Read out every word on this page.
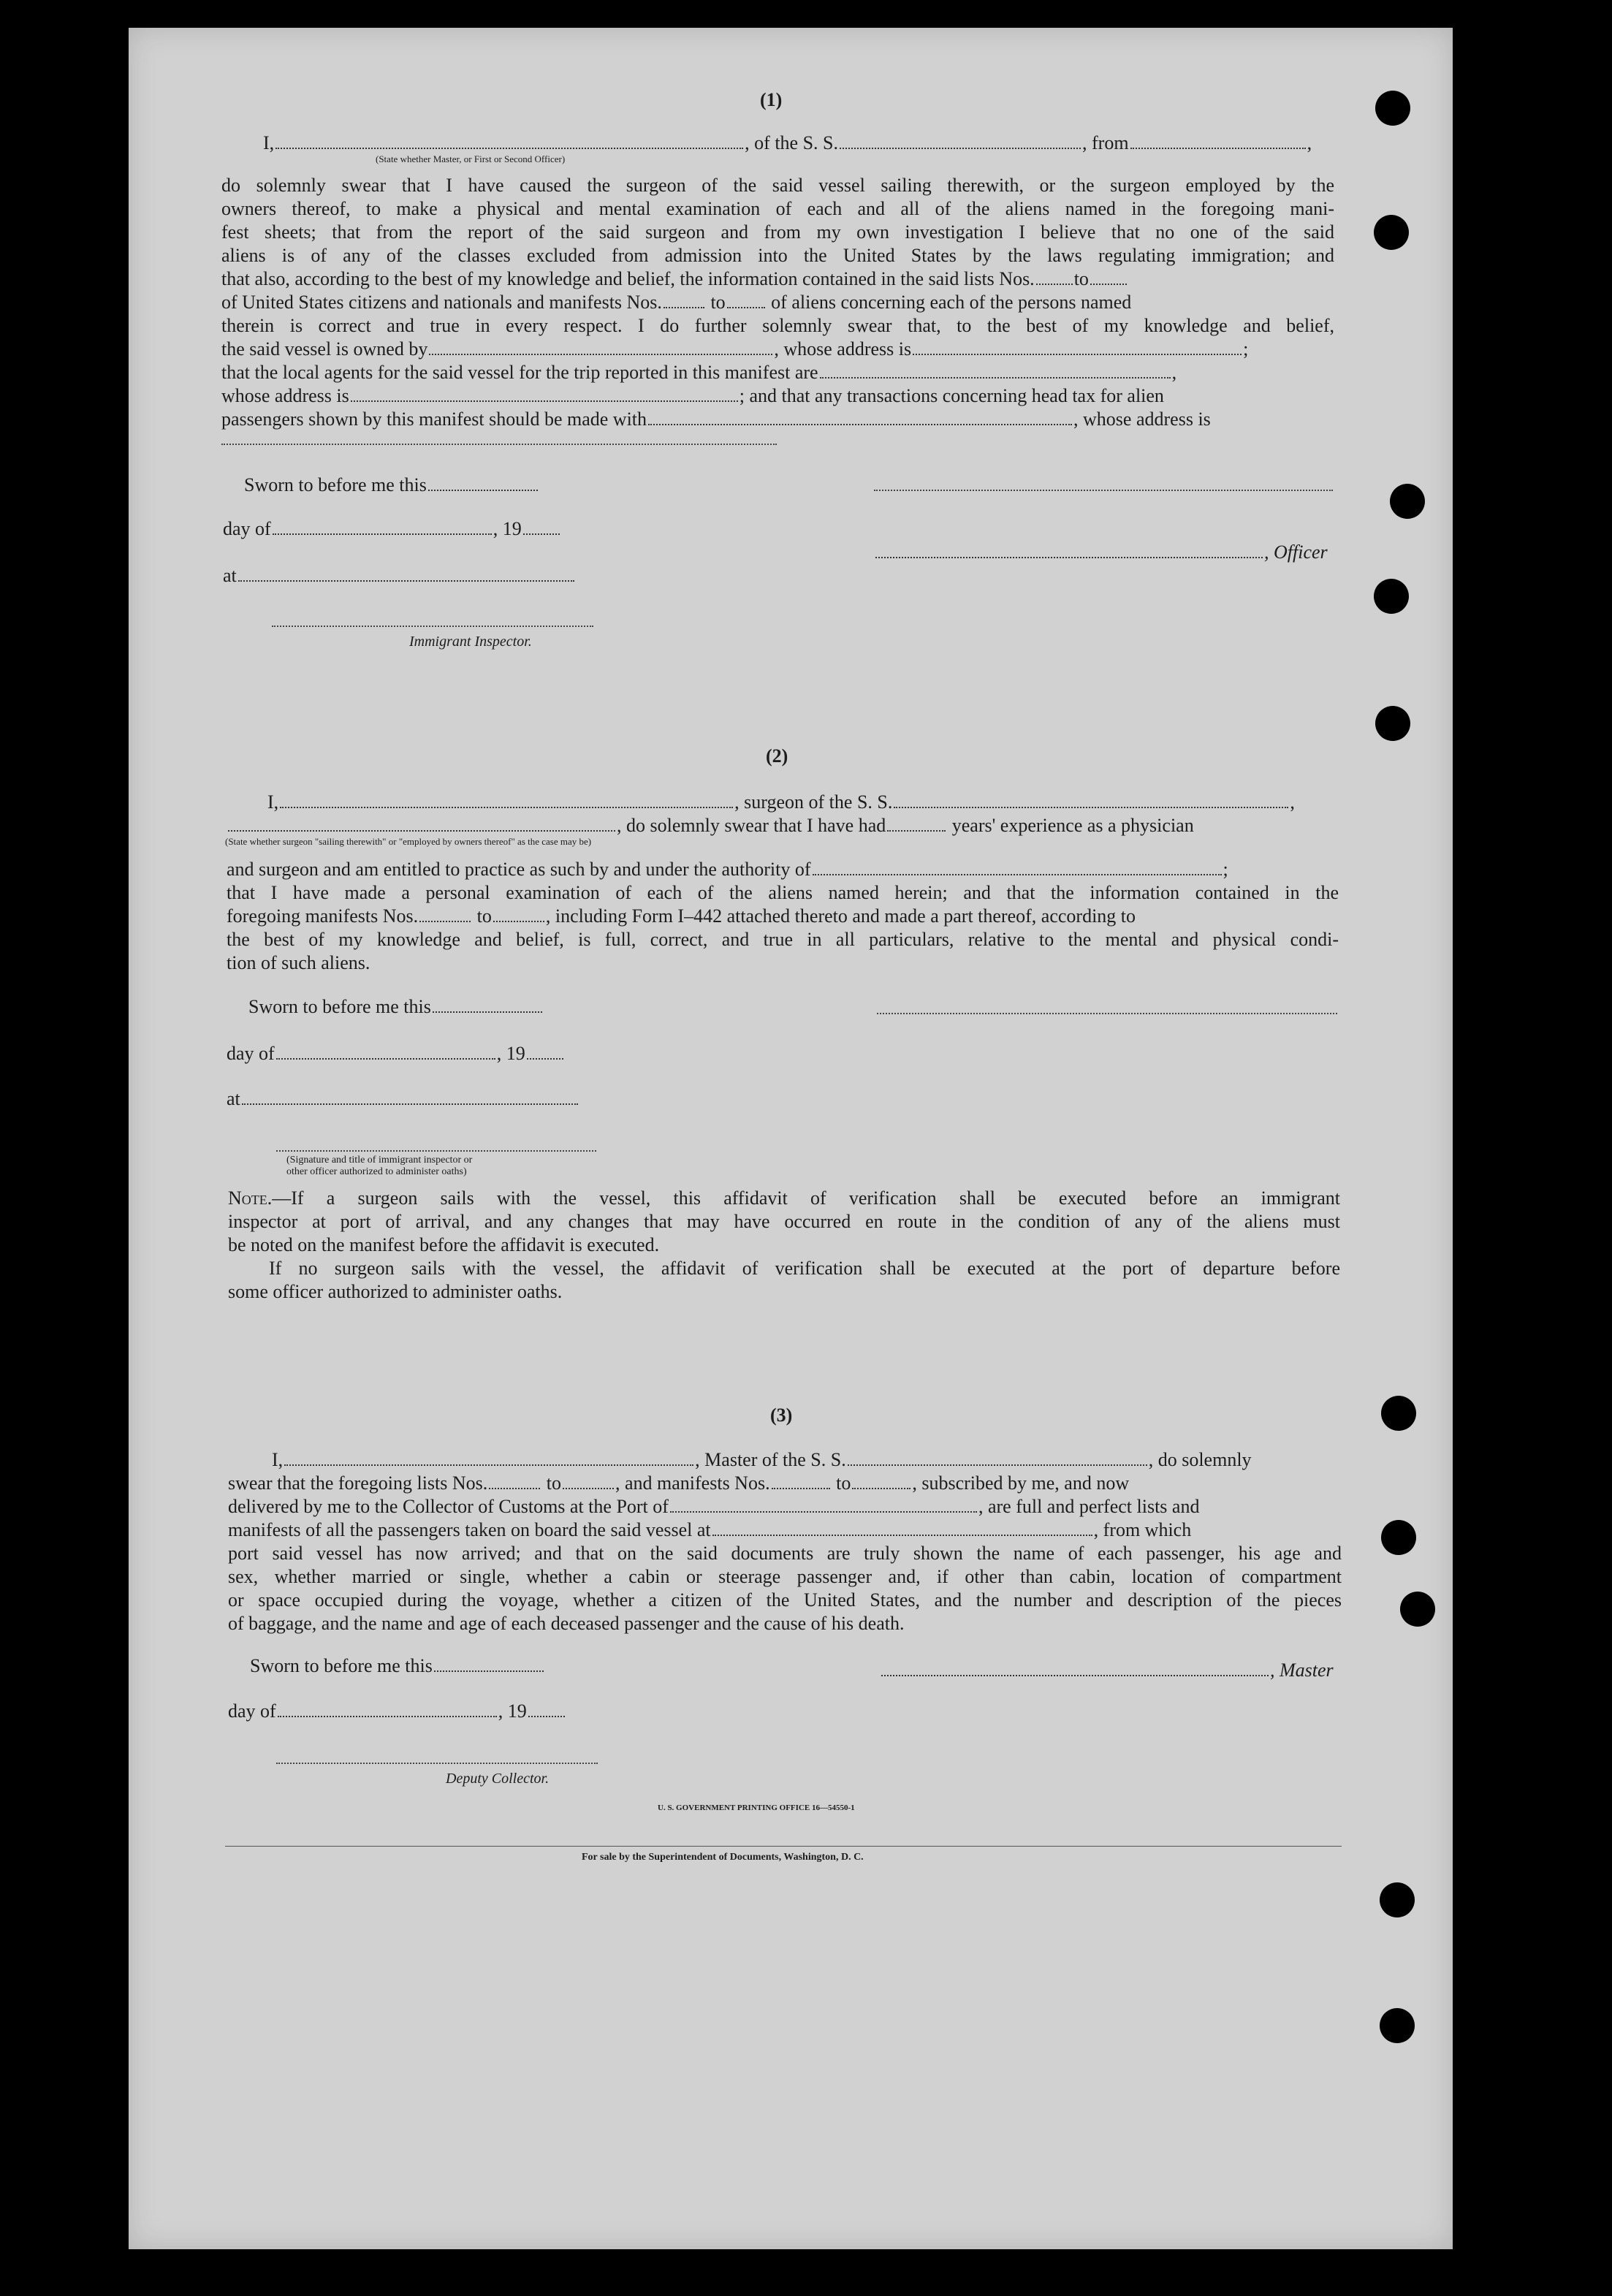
(1)
I,	, of the S. S.	, from	,
(State whether Master, or First or Second Officer)
do solemnly swear that I have caused the surgeon of the said vessel sailing therewith, or the surgeon employed by the
owners thereof, to make a physical and mental examination of each and all of the aliens named in the foregoing mani-
fest sheets; that from the report of the said surgeon and from my own investigation I believe that no one of the said
aliens is of any of the classes excluded from admission into the United States by the laws regulating immigration; and
that also, according to the best of my knowledge and belief, the information contained in the said lists Nos. to
of United States citizens and nationals and manifests Nos.	to of aliens concerning each of the persons named
therein is correct and true in every respect. I do further solemnly swear that, to the best of my knowledge and belief,
the said vessel is owned by	, whose address is	;
that the local agents for the said vessel for the trip reported in this manifest are	,
whose address is	; and that any transactions concerning head tax for alien
passengers shown by this manifest should be made with	, whose address is
Sworn to before me this
day of	, 19
, Officer
at
Immigrant Inspector.
(2)
I,	, surgeon of the S. S.	,
, do solemnly swear that I have had	years' experience as a physician
(State whether surgeon "sailing therewith" or "employed by owners thereof" as the case may be)
and surgeon and am entitled to practice as such by and under the authority of	;
that I have made a personal examination of each of the aliens named herein; and that the information contained in the
foregoing manifests Nos.	to	, including Form I–442 attached thereto and made a part thereof, according to
the best of my knowledge and belief, is full, correct, and true in all particulars, relative to the mental and physical condi-
tion of such aliens.
Sworn to before me this
day of	, 19
at
(Signature and title of immigrant inspector or
other officer authorized to administer oaths)
Note.—If a surgeon sails with the vessel, this affidavit of verification shall be executed before an immigrant
inspector at port of arrival, and any changes that may have occurred en route in the condition of any of the aliens must
be noted on the manifest before the affidavit is executed.
If no surgeon sails with the vessel, the affidavit of verification shall be executed at the port of departure before
some officer authorized to administer oaths.
(3)
I,	, Master of the S. S.	, do solemnly
swear that the foregoing lists Nos.	to	, and manifests Nos.	to	, subscribed by me, and now
delivered by me to the Collector of Customs at the Port of	, are full and perfect lists and
manifests of all the passengers taken on board the said vessel at	, from which
port said vessel has now arrived; and that on the said documents are truly shown the name of each passenger, his age and
sex, whether married or single, whether a cabin or steerage passenger and, if other than cabin, location of compartment
or space occupied during the voyage, whether a citizen of the United States, and the number and description of the pieces
of baggage, and the name and age of each deceased passenger and the cause of his death.
Sworn to before me this	, Master
day of	, 19
Deputy Collector.
U. S. GOVERNMENT PRINTING OFFICE 16—54550-1
For sale by the Superintendent of Documents, Washington, D. C.
